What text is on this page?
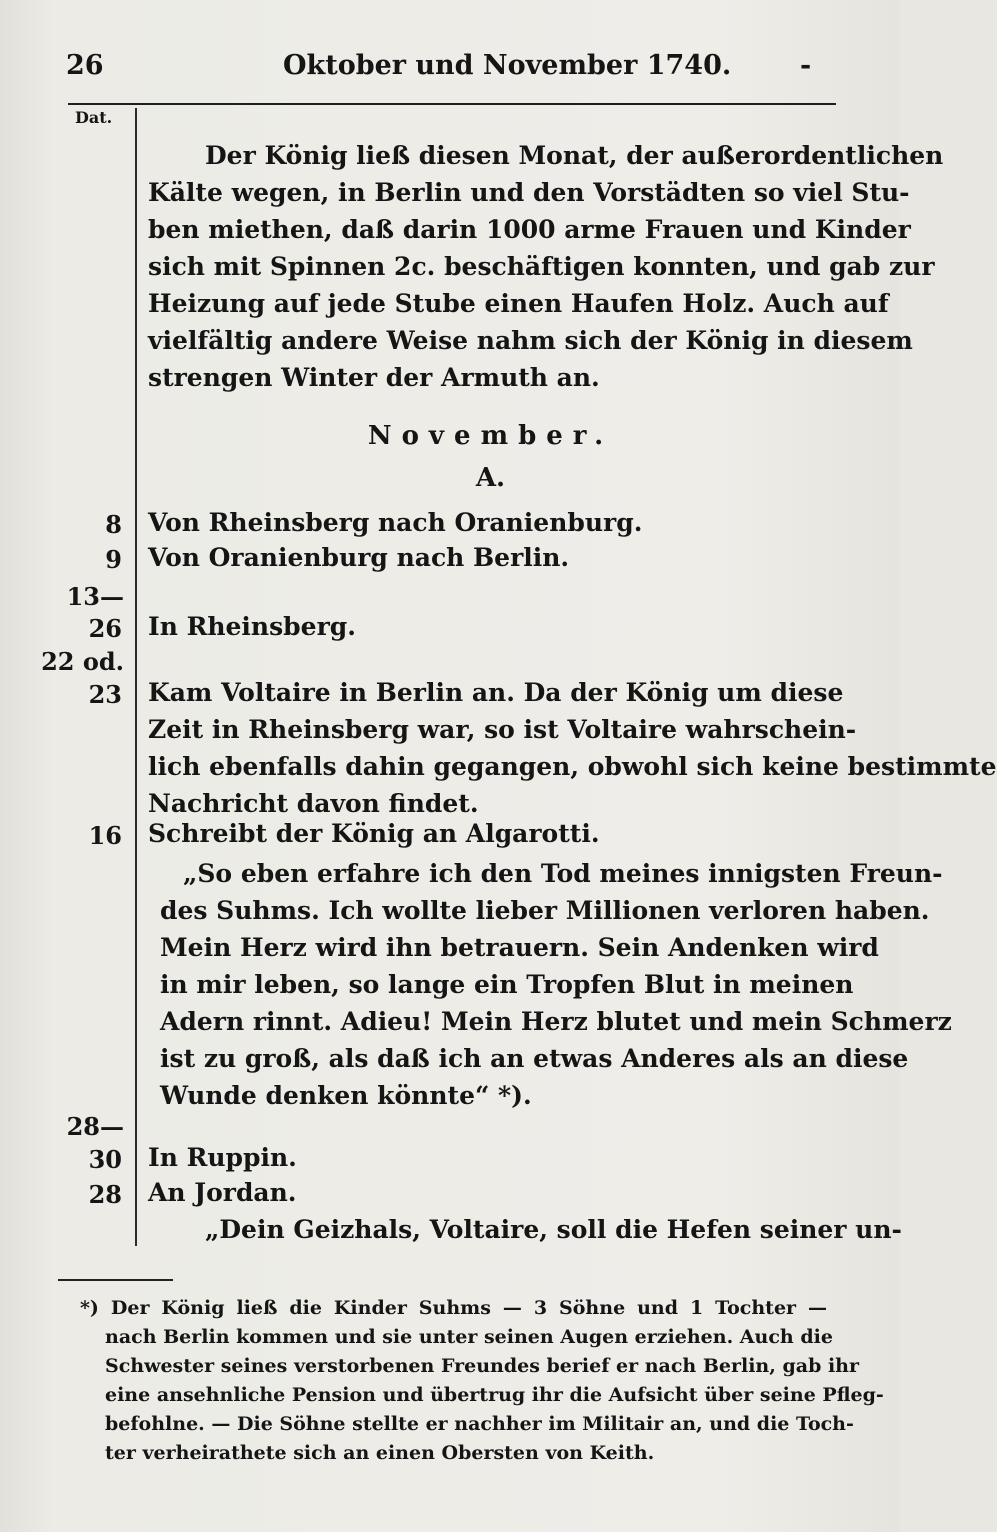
26	Oktober und November 1740.	-
Dat.
Der König ließ diesen Monat, der außerordentlichen
Kälte wegen, in Berlin und den Vorstädten so viel Stu-
ben miethen, daß darin 1000 arme Frauen und Kinder
sich mit Spinnen 2c. beschäftigen konnten, und gab zur
Heizung auf jede Stube einen Haufen Holz. Auch auf
vielfältig andere Weise nahm sich der König in diesem
strengen Winter der Armuth an.
November.
A.
8 Von Rheinsberg nach Oranienburg.
9 Von Oranienburg nach Berlin.
13—
26 In Rheinsberg.
22 od.
23 Kam Voltaire in Berlin an. Da der König um diese
Zeit in Rheinsberg war, so ist Voltaire wahrschein-
lich ebenfalls dahin gegangen, obwohl sich keine bestimmte
Nachricht davon findet.
16 Schreibt der König an Algarotti.
„So eben erfahre ich den Tod meines innigsten Freun-
des Suhms. Ich wollte lieber Millionen verloren haben.
Mein Herz wird ihn betrauern. Sein Andenken wird
in mir leben, so lange ein Tropfen Blut in meinen
Adern rinnt. Adieu! Mein Herz blutet und mein Schmerz
ist zu groß, als daß ich an etwas Anderes als an diese
Wunde denken könnte“ *).
28—
30 In Ruppin.
28 An Jordan.
„Dein Geizhals, Voltaire, soll die Hefen seiner un-
*) Der König ließ die Kinder Suhms — 3 Söhne und 1 Tochter —
nach Berlin kommen und sie unter seinen Augen erziehen. Auch die
Schwester seines verstorbenen Freundes berief er nach Berlin, gab ihr
eine ansehnliche Pension und übertrug ihr die Aufsicht über seine Pfleg-
befohlne. — Die Söhne stellte er nachher im Militair an, und die Toch-
ter verheirathete sich an einen Obersten von Keith.
